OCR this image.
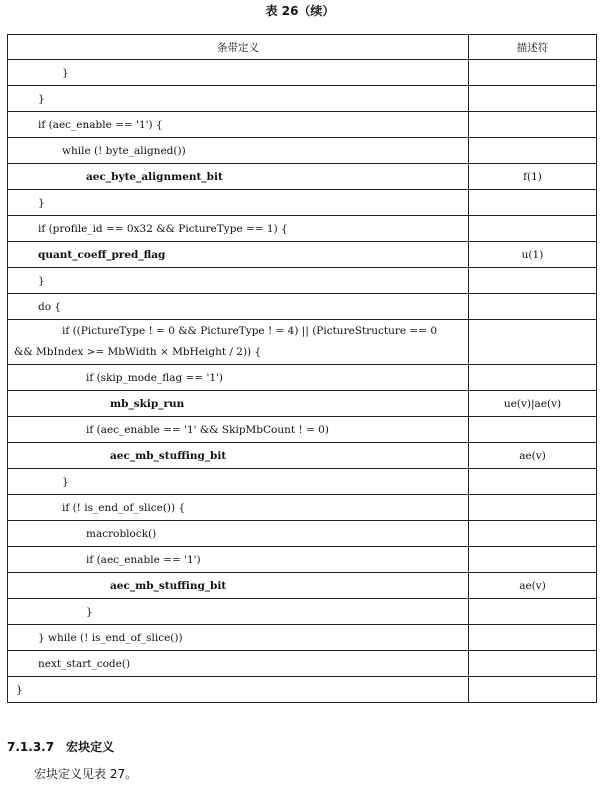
表 26（续）
条带定义	描述符
}	
}	
if (aec_enable == '1') {	
while (! byte_aligned())	
aec_byte_alignment_bit	f(1)
}	
if (profile_id == 0x32 && PictureType == 1) {	
quant_coeff_pred_flag	u(1)
}	
do {	
if ((PictureType ! = 0 && PictureType ! = 4) || (PictureStructure == 0
&& MbIndex >= MbWidth × MbHeight / 2)) {	
if (skip_mode_flag == '1')	
mb_skip_run	ue(v)|ae(v)
if (aec_enable == '1' && SkipMbCount ! = 0)	
aec_mb_stuffing_bit	ae(v)
}	
if (! is_end_of_slice()) {	
macroblock()	
if (aec_enable == '1')	
aec_mb_stuffing_bit	ae(v)
}	
} while (! is_end_of_slice())	
next_start_code()	
}	
7.1.3.7 宏块定义
宏块定义见表 27。
